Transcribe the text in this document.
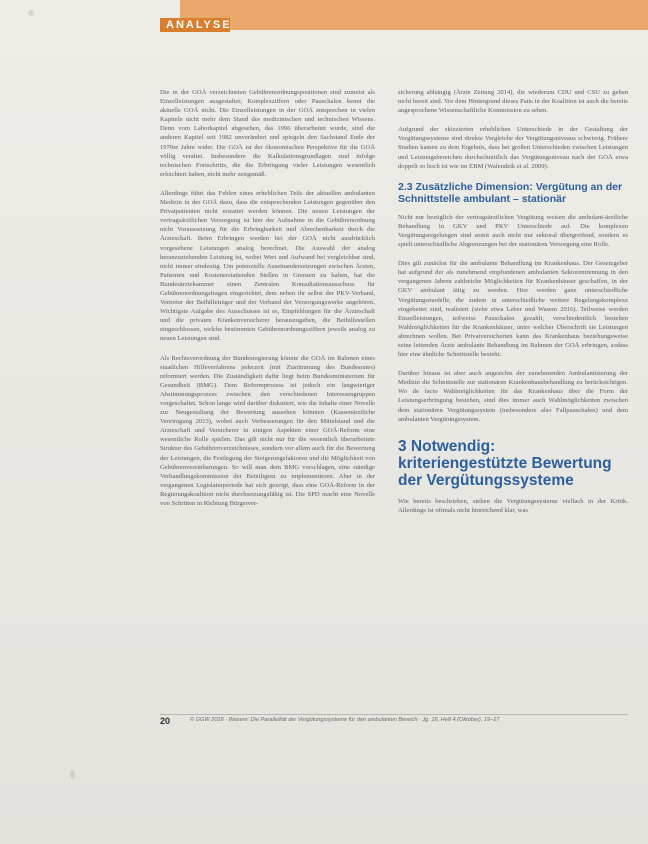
ANALYSE

Die in der GOÄ verzeichneten Gebührenordnungspositionen sind zumeist als Einzelleistungen ausgestaltet; Komplexziffern oder Pauschalen kennt die aktuelle GOÄ nicht. Die Einzelleistungen in der GOÄ entsprechen in vielen Kapiteln nicht mehr dem Stand des medizinischen und technischen Wissens. Denn vom Laborkapitel abgesehen, das 1996 überarbeitet wurde, sind die anderen Kapitel seit 1982 unverändert und spiegeln den Sachstand Ende der 1970er Jahre wider. Die GOÄ ist der ökonomischen Perspektive für die GOÄ völlig veraltet. Insbesondere die Kalkulationsgrundlagen sind infolge technischen Fortschritts, die die Erbringung vieler Leistungen wesentlich erleichtert haben, nicht mehr zeitgemäß.

Allerdings führt das Fehlen eines erheblichen Teils der aktuellen ambulanten Medizin in der GOÄ dazu, dass die entsprechenden Leistungen gegenüber den Privatpatienten nicht erstattet werden können. Die neuen Leistungen der vertragsärztlichen Versorgung ist hier der Aufnahme in die Gebührenordnung nicht Voraussetzung für die Erbringbarkeit und Abrechenbarkeit durch die Ärzteschaft. Beim Erbringen werden bei der GOÄ nicht ausdrücklich vorgesehene Leistungen analog berechnet. Die Auswahl der analog heranzuziehenden Leistung ist, wobei Wert und Aufwand bei vergleichbar sind, nicht immer eindeutig. Um potenzielle Auseinandersetzungen zwischen Ärzten, Patienten und Kostenerstattenden Stellen in Grenzen zu halten, hat die Bundesärztekammer einen Zentralen Konsultationsausschuss für Gebührenordnungsfragen eingerichtet, dem neben ihr selbst der PKV-Verband, Vertreter der Beihilfeträger und der Verband der Versorgungswerke angehören. Wichtigste Aufgabe des Ausschusses ist es, Empfehlungen für die Ärzteschaft und die privaten Krankenversicherer herauszugeben, die Beihilfestellen eingeschlossen, welche bestimmten Gebührenordnungsziffern jeweils analog zu neuen Leistungen sind.

Als Rechtsverordnung der Bundesregierung könnte die GOÄ im Rahmen eines staatlichen Hilfeverfahrens jederzeit (mit Zustimmung des Bundesrates) reformiert werden. Die Zuständigkeit dafür liegt beim Bundesministerium für Gesundheit (BMG). Dem Reformprozess ist jedoch ein langwieriger Abstimmungsprozess zwischen den verschiedenen Interessengruppen vorgeschaltet. Schon lange wird darüber diskutiert, wie die Inhalte einer Novelle zur Neugestaltung der Bewertung aussehen könnten (Kassenärztliche Vereinigung 2013), wobei auch Verbesserungen für den Mittelstand und die Arzteschaft und Versicherer in einigen Aspekten einer GOÄ-Reform eine wesentliche Rolle spielen. Das gilt nicht nur für die wesentlich überarbeitete Struktur des Gebührenverzeichnisses, sondern vor allem auch für die Bewertung der Leistungen, die Festlegung der Steigerungsfaktoren und die Möglichkeit von Gebührenvereinbarungen. So will man dem BMG vorschlagen, eine ständige Verhandlungskommission der Beteiligten zu implementieren. Aber in der vergangenen Legislaturperiode hat sich gezeigt, dass eine GOÄ-Reform in der Regierungskoalition nicht durchsetzungsfähig ist. Die SPD macht eine Novelle von Schritten in Richtung Bürgerver-

sicherung abhängig (Ärzte Zeitung 2014), die wiederum CDU und CSU zu gehen nicht bereit sind. Vor dem Hintergrund dieses Patts in der Koalition ist auch die bereits angesprochene Wissenschaftliche Kommission zu sehen.

Aufgrund der skizzierten erheblichen Unterschiede in der Gestaltung der Vergütungssysteme sind direkte Vergleiche der Vergütungsniveaus schwierig. Frühere Studien kamen zu dem Ergebnis, dass bei großen Unterschieden zwischen Leistungen und Leistungsbereichen durchschnittlich das Vergütungsniveau nach der GOÄ etwa doppelt so hoch ist wie im EBM (Walendzik et al. 2009).

2.3 Zusätzliche Dimension: Vergütung an der Schnittstelle ambulant – stationär

Nicht nur bezüglich der vertragsärztlichen Vergütung weisen die ambulant-ärztliche Behandlung in GKV und PKV Unterschiede auf. Die komplexen Vergütungsregelungen sind somit auch nicht nur sektoral übergreifend, sondern es spielt unterschiedliche Abgrenzungen bei der stationären Versorgung eine Rolle.

Dies gilt zunächst für die ambulante Behandlung im Krankenhaus. Der Gesetzgeber hat aufgrund der als zunehmend empfundenen ambulanten Sektorentrennung in den vergangenen Jahren zahlreiche Möglichkeiten für Krankenhäuser geschaffen, in der GKV ambulant tätig zu werden. Hier werden ganz unterschiedliche Vergütungsmodelle, die zudem in unterschiedliche weitere Regelungskomplexe eingebettet sind, realisiert (siehe etwa Leber und Wasem 2016). Teilweise werden Einzelleistungen, teilweise Pauschalen gezahlt, verschiedentlich bestehen Wahlmöglichkeiten für die Krankenhäuser, unter welcher Überschrift sie Leistungen abrechnen wollen. Bei Privatversicherten kann das Krankenhaus beziehungsweise seine leitenden Ärzte ambulante Behandlung im Rahmen der GOÄ erbringen, sodass hier eine ähnliche Schnittstelle besteht.

Darüber hinaus ist aber auch angesichts der zunehmenden Ambulantisierung der Medizin die Schnittstelle zur stationären Krankenhausbehandlung zu berücksichtigen. Wo de facto Wahlmöglichkeiten für das Krankenhaus über die Form der Leistungserbringung bestehen, sind dies immer auch Wahlmöglichkeiten zwischen dem stationären Vergütungssystem (insbesondere also Fallpauschalen) und dem ambulanten Vergütungssystem.

3 Notwendig: kriteriengestützte Bewertung der Vergütungssysteme

Wie bereits beschrieben, stehen die Vergütungssysteme vielfach in der Kritik. Allerdings ist oftmals nicht hinreichend klar, was

20	© GGW 2018 · Wasem: Die Parallelität der Vergütungssysteme für den ambulanten Bereich · Jg. 18, Heft 4 (Oktober), 19–27
